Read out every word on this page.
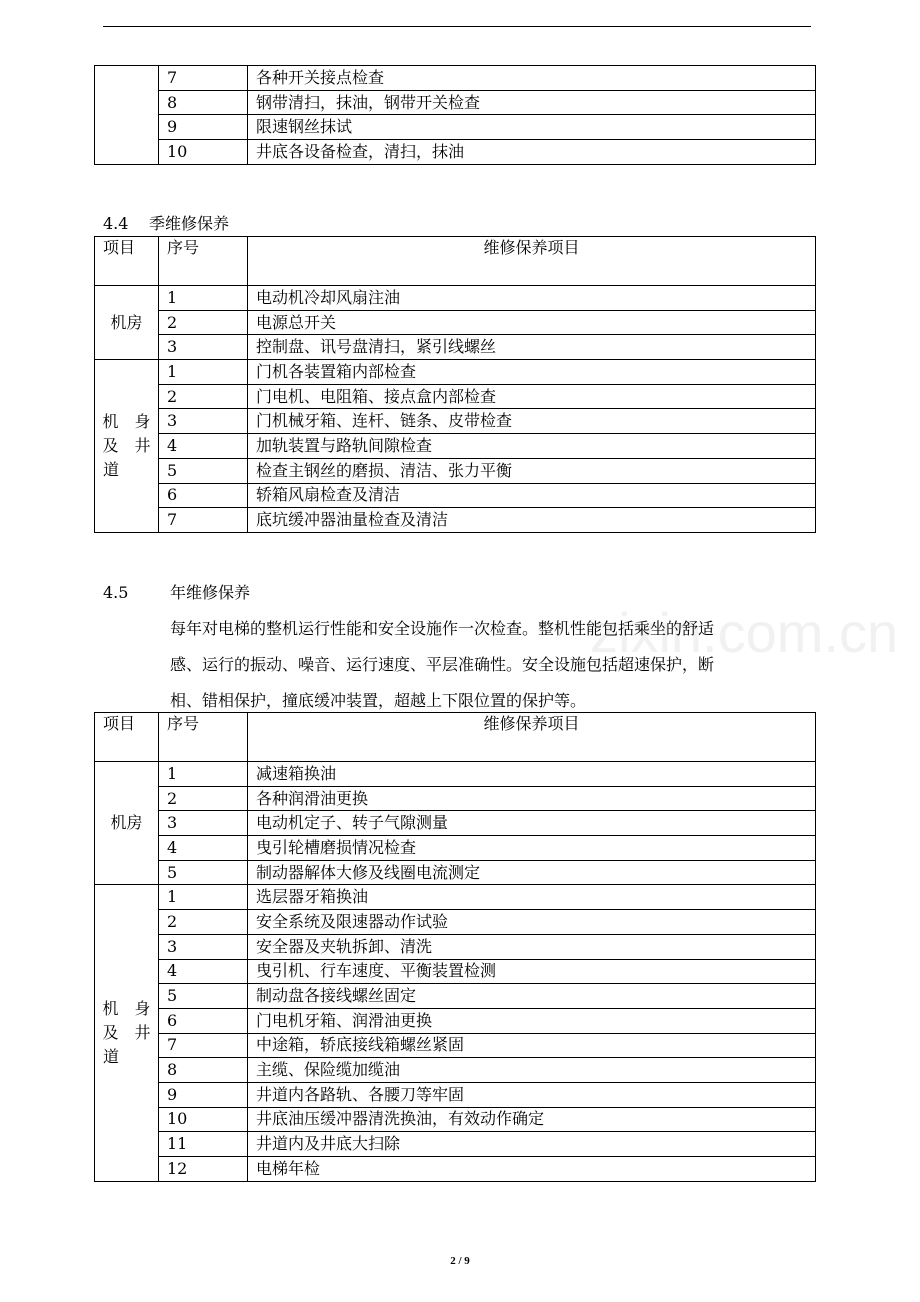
zixin.com.cn
	7	各种开关接点检查
	8	钢带清扫，抹油，钢带开关检查
	9	限速钢丝抹试
	10	井底各设备检查，清扫，抹油
4.4 季维修保养
项目	序号	维修保养项目
机房	1	电动机冷却风扇注油
	2	电源总开关
	3	控制盘、讯号盘清扫，紧引线螺丝

机　身
及　井
道	1	门机各装置箱内部检查
	2	门电机、电阻箱、接点盒内部检查
	3	门机械牙箱、连杆、链条、皮带检查
	4	加轨装置与路轨间隙检查
	5	检查主钢丝的磨损、清洁、张力平衡
	6	轿箱风扇检查及清洁
	7	底坑缓冲器油量检查及清洁
4.5	年维修保养
每年对电梯的整机运行性能和安全设施作一次检查。整机性能包括乘坐的舒适
感、运行的振动、噪音、运行速度、平层准确性。安全设施包括超速保护，断
相、错相保护，撞底缓冲装置，超越上下限位置的保护等。
项目	序号	维修保养项目
机房	1	减速箱换油
	2	各种润滑油更换
	3	电动机定子、转子气隙测量
	4	曳引轮槽磨损情况检查
	5	制动器解体大修及线圈电流测定

机　身
及　井
道	1	选层器牙箱换油
	2	安全系统及限速器动作试验
	3	安全器及夹轨拆卸、清洗
	4	曳引机、行车速度、平衡装置检测
	5	制动盘各接线螺丝固定
	6	门电机牙箱、润滑油更换
	7	中途箱，轿底接线箱螺丝紧固
	8	主缆、保险缆加缆油
	9	井道内各路轨、各腰刀等牢固
	10	井底油压缓冲器清洗换油，有效动作确定
	11	井道内及井底大扫除
	12	电梯年检
2 / 9
